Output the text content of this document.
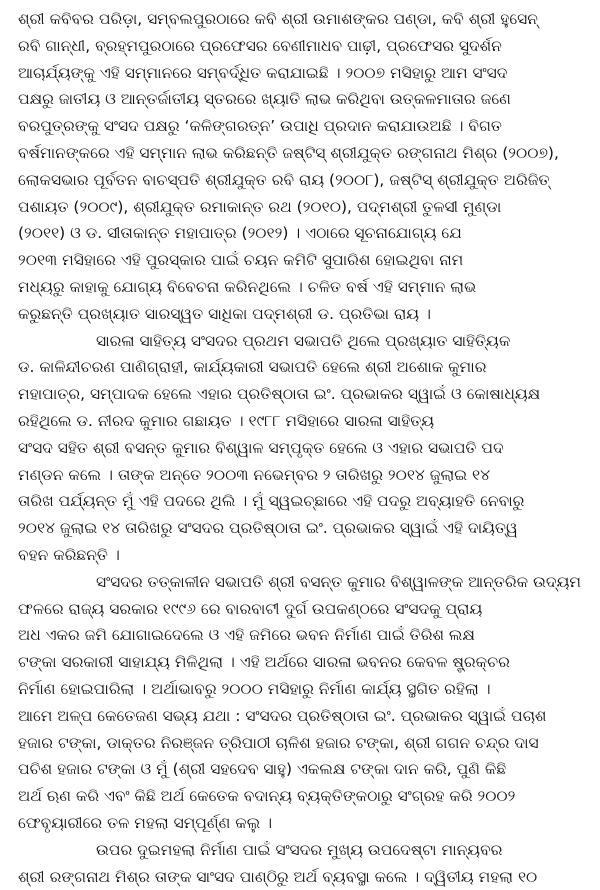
ଶ୍ରୀ କବିବର ପରିଡ଼ା, ସମ୍ବଲପୁରଠାରେ କବି ଶ୍ରୀ ଉମାଶଙ୍କର ପଣ୍ଡା, କବି ଶ୍ରୀ ହୁସେନ୍
ରବି ଗାନ୍ଧୀ, ବ୍ରହ୍ମପୁରଠାରେ ପ୍ରଫେସର ବେଣୀମାଧବ ପାଢ଼ୀ, ପ୍ରଫେସର ସୁଦର୍ଶନ
ଆଚାର୍ଯ୍ୟଙ୍କୁ ଏହି ସମ୍ମାନରେ ସମ୍ବର୍ଦ୍ଧିତ କରାଯାଇଛି । ୨୦୦୭ ମସିହାରୁ ଆମ ସଂସଦ
ପକ୍ଷରୁ ଜାତୀୟ ଓ ଆନ୍ତର୍ଜାତୀୟ ସ୍ତରରେ ଖ୍ୟାତି ଲାଭ କରିଥିବା ଉତ୍କଳମାତାର ଜଣେ
ବରପୁତ୍ରଙ୍କୁ ସଂସଦ ପକ୍ଷରୁ ‘କଳିଙ୍ଗରତ୍ନ’ ଉପାଧି ପ୍ରଦାନ କରାଯାଉଅଛି । ବିଗତ
ବର୍ଷମାନଙ୍କରେ ଏହି ସମ୍ମାନ ଲାଭ କରିଛନ୍ତି ଜଷ୍ଟିସ୍ ଶ୍ରୀଯୁକ୍ତ ରଙ୍ଗନାଥ ମିଶ୍ର (୨୦୦୭),
ଲୋକସଭାର ପୂର୍ବତନ ବାଚସ୍ପତି ଶ୍ରୀଯୁକ୍ତ ରବି ରାୟ (୨୦୦୮), ଜଷ୍ଟିସ୍ ଶ୍ରୀଯୁକ୍ତ ଅରିଜିତ୍
ପଶାୟତ (୨୦୦୯), ଶ୍ରୀଯୁକ୍ତ ରମାକାନ୍ତ ରଥ (୨୦୧୦), ପଦ୍ମଶ୍ରୀ ତୁଳସୀ ମୁଣ୍ଡା
(୨୦୧୧) ଓ ଡ. ସୀତାକାନ୍ତ ମହାପାତ୍ର (୨୦୧୨) । ଏଠାରେ ସୂଚନାଯୋଗ୍ୟ ଯେ
୨୦୧୩ ମସିହାରେ ଏହି ପୁରସ୍କାର ପାଇଁ ଚୟନ କମିଟି ସୁପାରିଶ ହୋଇଥିବା ନାମ
ମଧ୍ୟରୁ କାହାକୁ ଯୋଗ୍ୟ ବିବେଚନା କରିନଥିଲେ । ଚଳିତ ବର୍ଷ ଏହି ସମ୍ମାନ ଲାଭ
କରୁଛନ୍ତି ପ୍ରଖ୍ୟାତ ସାରସ୍ୱତ ସାଧିକା ପଦ୍ମଶ୍ରୀ ଡ. ପ୍ରତିଭା ରାୟ ।
ସାରଳା ସାହିତ୍ୟ ସଂସଦର ପ୍ରଥମ ସଭାପତି ଥିଲେ ପ୍ରଖ୍ୟାତ ସାହିତ୍ୟିକ
ଡ. କାଳିନ୍ଦୀଚରଣ ପାଣିଗ୍ରାହୀ, କାର୍ଯ୍ୟକାରୀ ସଭାପତି ହେଲେ ଶ୍ରୀ ଅଶୋକ କୁମାର
ମହାପାତ୍ର, ସମ୍ପାଦକ ହେଲେ ଏହାର ପ୍ରତିଷ୍ଠାତା ଇଂ. ପ୍ରଭାକର ସ୍ୱାଇଁ ଓ କୋଷାଧ୍ୟକ୍ଷ
ରହିଥିଲେ ଡ. ନୀରଦ କୁମାର ଗଛାୟତ । ୧୯୮୮ ମସିହାରେ ସାରଳା ସାହିତ୍ୟ
ସଂସଦ ସହିତ ଶ୍ରୀ ବସନ୍ତ କୁମାର ବିଶ୍ୱାଳ ସମ୍ପୃକ୍ତ ହେଲେ ଓ ଏହାର ସଭାପତି ପଦ
ମଣ୍ଡନ କଲେ । ତାଙ୍କ ଅନ୍ତେ ୨୦୦୩ ନଭେମ୍ବର ୨ ତାରିଖରୁ ୨୦୧୪ ଜୁଲାଇ ୧୪
ତାରିଖ ପର୍ଯ୍ୟନ୍ତ ମୁଁ ଏହି ପଦରେ ଥିଲି । ମୁଁ ସ୍ୱଇଚ୍ଛାରେ ଏହି ପଦରୁ ଅବ୍ୟାହତି ନେବାରୁ
୨୦୧୪ ଜୁଲାଇ ୧୪ ତାରିଖରୁ ସଂସଦର ପ୍ରତିଷ୍ଠାତା ଇଂ. ପ୍ରଭାକର ସ୍ୱାଇଁ ଏହି ଦାୟିତ୍ୱ
ବହନ କରିଛନ୍ତି ।
ସଂସଦର ତତ୍କାଳୀନ ସଭାପତି ଶ୍ରୀ ବସନ୍ତ କୁମାର ବିଶ୍ୱାଳଙ୍କ ଆନ୍ତରିକ ଉଦ୍ୟମ
ଫଳରେ ରାଜ୍ୟ ସରକାର ୧୯୯୬ ରେ ବାରବାଟୀ ଦୁର୍ଗ ଉପକଣ୍ଠରେ ସଂସଦକୁ ପ୍ରାୟ
ଅଧ ଏକର ଜମି ଯୋଗାଇଦେଲେ ଓ ଏହି ଜମିରେ ଭବନ ନିର୍ମାଣ ପାଇଁ ତିରିଶ ଲକ୍ଷ
ଟଙ୍କା ସରକାରୀ ସାହାଯ୍ୟ ମିଳିଥିଲା । ଏହି ଅର୍ଥରେ ସାରଳା ଭବନର କେବଳ ଷ୍ଟ୍ରକ୍ଚର
ନିର୍ମାଣ ହୋଇପାରିଲା । ଅର୍ଥାଭାବରୁ ୨୦୦୦ ମସିହାରୁ ନିର୍ମାଣ କାର୍ଯ୍ୟ ସ୍ଥଗିତ ରହିଲା ।
ଆମେ ଅଳ୍ପ କେତେଜଣ ସଭ୍ୟ ଯଥା : ସଂସଦର ପ୍ରତିଷ୍ଠାତା ଇଂ. ପ୍ରଭାକର ସ୍ୱାଇଁ ପଚାଶ
ହଜାର ଟଙ୍କା, ଡାକ୍ତର ନିରଞ୍ଜନ ତ୍ରିପାଠୀ ଚାଳିଶ ହଜାର ଟଙ୍କା, ଶ୍ରୀ ଗଗନ ଚନ୍ଦ୍ର ଦାସ
ପଚିଶ ହଜାର ଟଙ୍କା ଓ ମୁଁ (ଶ୍ରୀ ସହଦେବ ସାହୁ) ଏକଲକ୍ଷ ଟଙ୍କା ଦାନ କରି, ପୁଣି କିଛି
ଅର୍ଥ ଋଣ କରି ଏବଂ କିଛି ଅର୍ଥ କେତେକ ବଦାନ୍ୟ ବ୍ୟକ୍ତିଙ୍କଠାରୁ ସଂଗ୍ରହ କରି ୨୦୦୨
ଫେବୃୟାରୀରେ ତଳ ମହଲା ସମ୍ପୂର୍ଣ୍ଣ କଲୁ ।
ଉପର ଦୁଇମହଲା ନିର୍ମାଣ ପାଇଁ ସଂସଦର ମୁଖ୍ୟ ଉପଦେଷ୍ଟା ମାନ୍ୟବର
ଶ୍ରୀ ରଙ୍ଗନାଥ ମିଶ୍ର ତାଙ୍କ ସାଂସଦ ପାଣ୍ଠିରୁ ଅର୍ଥ ବ୍ୟବସ୍ଥା କଲେ । ଦ୍ୱିତୀୟ ମହଲା ୧୦
